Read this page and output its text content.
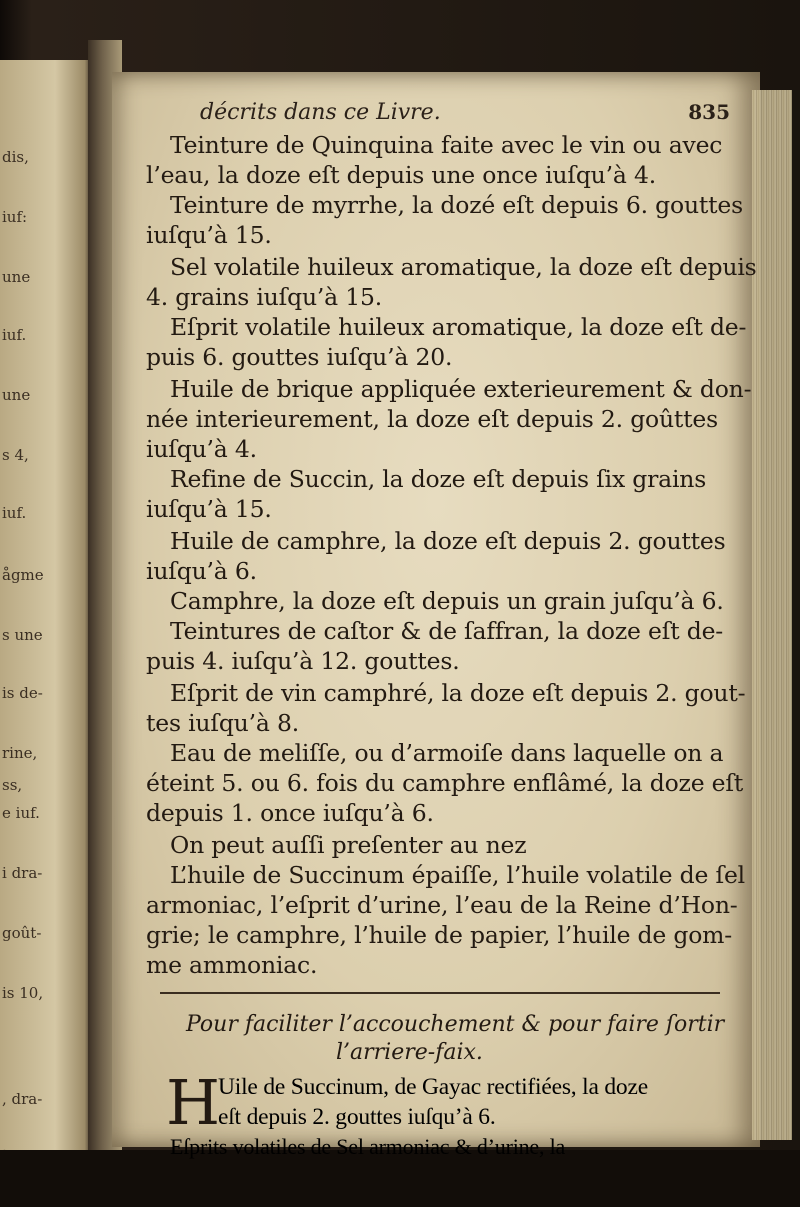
dis,
iuf:
une
iuf.
une
s 4,
iuf.
ågme
s une
is de-
rine,
ss,
e iuf.
i dra-
goût-
is 10,
, dra-
décrits dans ce Livre.	835
Teinture de Quinquina faite avec le vin ou avec
l’eau, la doze eſt depuis une once iuſqu’à 4.
Teinture de myrrhe, la dozé eſt depuis 6. gouttes
iuſqu’à 15.
Sel volatile huileux aromatique, la doze eſt depuis
4. grains iuſqu’à 15.
Eſprit volatile huileux aromatique, la doze eſt de-
puis 6. gouttes iuſqu’à 20.
Huile de brique appliquée exterieurement & don-
née interieurement, la doze eſt depuis 2. goûttes
iuſqu’à 4.
Refine de Succin, la doze eſt depuis ſix grains
iuſqu’à 15.
Huile de camphre, la doze eſt depuis 2. gouttes
iuſqu’à 6.
Camphre, la doze eſt depuis un grain juſqu’à 6.
Teintures de caſtor & de ſaffran, la doze eſt de-
puis 4. iuſqu’à 12. gouttes.
Eſprit de vin camphré, la doze eſt depuis 2. gout-
tes iuſqu’à 8.
Eau de meliſſe, ou d’armoiſe dans laquelle on a
éteint 5. ou 6. fois du camphre enflâmé, la doze eſt
depuis 1. once iuſqu’à 6.
On peut auſſi preſenter au nez
L’huile de Succinum épaiſſe, l’huile volatile de ſel
armoniac, l’eſprit d’urine, l’eau de la Reine d’Hon-
grie; le camphre, l’huile de papier, l’huile de gom-
me ammoniac.
Pour faciliter l’accouchement & pour faire ſortir
l’arriere-faix.
H
Uile de Succinum, de Gayac rectifiées, la doze
eſt depuis 2. gouttes iuſqu’à 6.
Eſprits volatiles de Sel armoniac & d’urine, la
